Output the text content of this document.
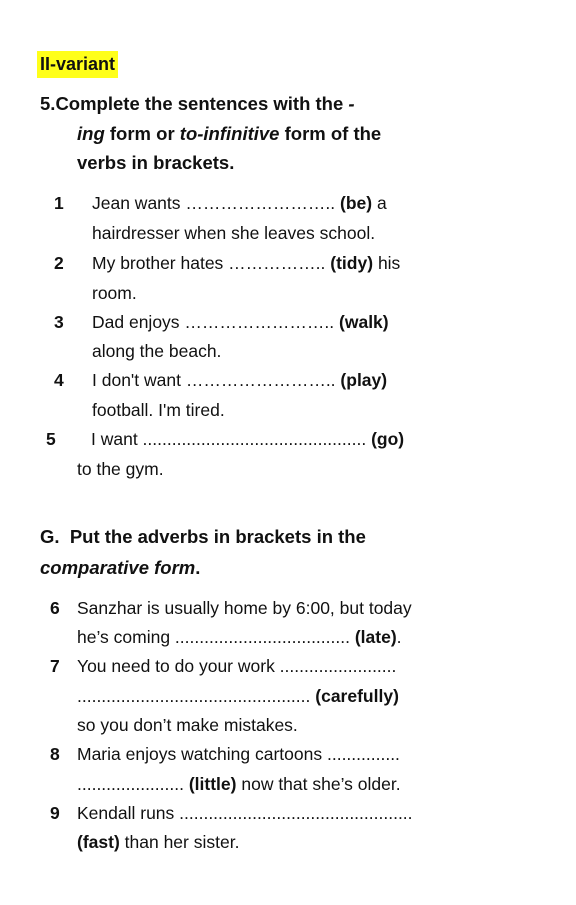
II-variant
5.Complete the sentences with the -
ing form or to-infinitive form of the
verbs in brackets.
1 Jean wants …………………….. (be) a
hairdresser when she leaves school.
2 My brother hates …………….. (tidy) his
room.
3 Dad enjoys …………………….. (walk)
along the beach.
4 I don't want …………………….. (play)
football. I'm tired.
5 I want .............................................. (go)
to the gym.
G. Put the adverbs in brackets in the
comparative form.
6 Sanzhar is usually home by 6:00, but today
he’s coming .................................... (late).
7 You need to do your work ........................
................................................ (carefully)
so you don’t make mistakes.
8 Maria enjoys watching cartoons ...............
...................... (little) now that she’s older.
9 Kendall runs ................................................
(fast) than her sister.
